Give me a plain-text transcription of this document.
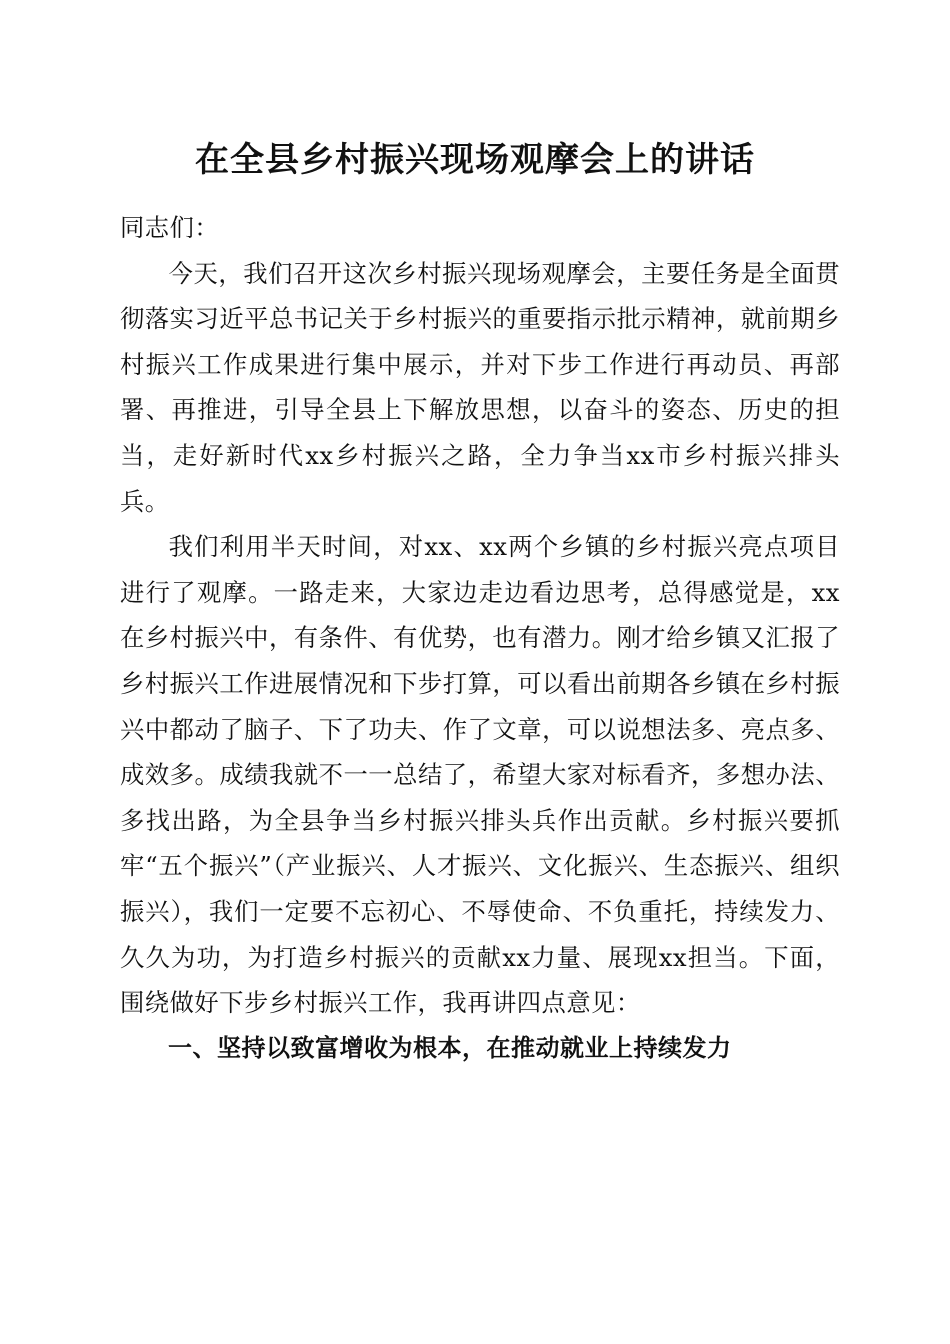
在全县乡村振兴现场观摩会上的讲话

同志们：

今天，我们召开这次乡村振兴现场观摩会，主要任务是全面贯彻落实习近平总书记关于乡村振兴的重要指示批示精神，就前期乡村振兴工作成果进行集中展示，并对下步工作进行再动员、再部署、再推进，引导全县上下解放思想，以奋斗的姿态、历史的担当，走好新时代xx乡村振兴之路，全力争当xx市乡村振兴排头兵。

我们利用半天时间，对xx、xx两个乡镇的乡村振兴亮点项目进行了观摩。一路走来，大家边走边看边思考，总得感觉是，xx在乡村振兴中，有条件、有优势，也有潜力。刚才给乡镇又汇报了乡村振兴工作进展情况和下步打算，可以看出前期各乡镇在乡村振兴中都动了脑子、下了功夫、作了文章，可以说想法多、亮点多、成效多。成绩我就不一一总结了，希望大家对标看齐，多想办法、多找出路，为全县争当乡村振兴排头兵作出贡献。乡村振兴要抓牢“五个振兴”（产业振兴、人才振兴、文化振兴、生态振兴、组织振兴），我们一定要不忘初心、不辱使命、不负重托，持续发力、久久为功，为打造乡村振兴的贡献xx力量、展现xx担当。下面，围绕做好下步乡村振兴工作，我再讲四点意见：

一、坚持以致富增收为根本，在推动就业上持续发力
